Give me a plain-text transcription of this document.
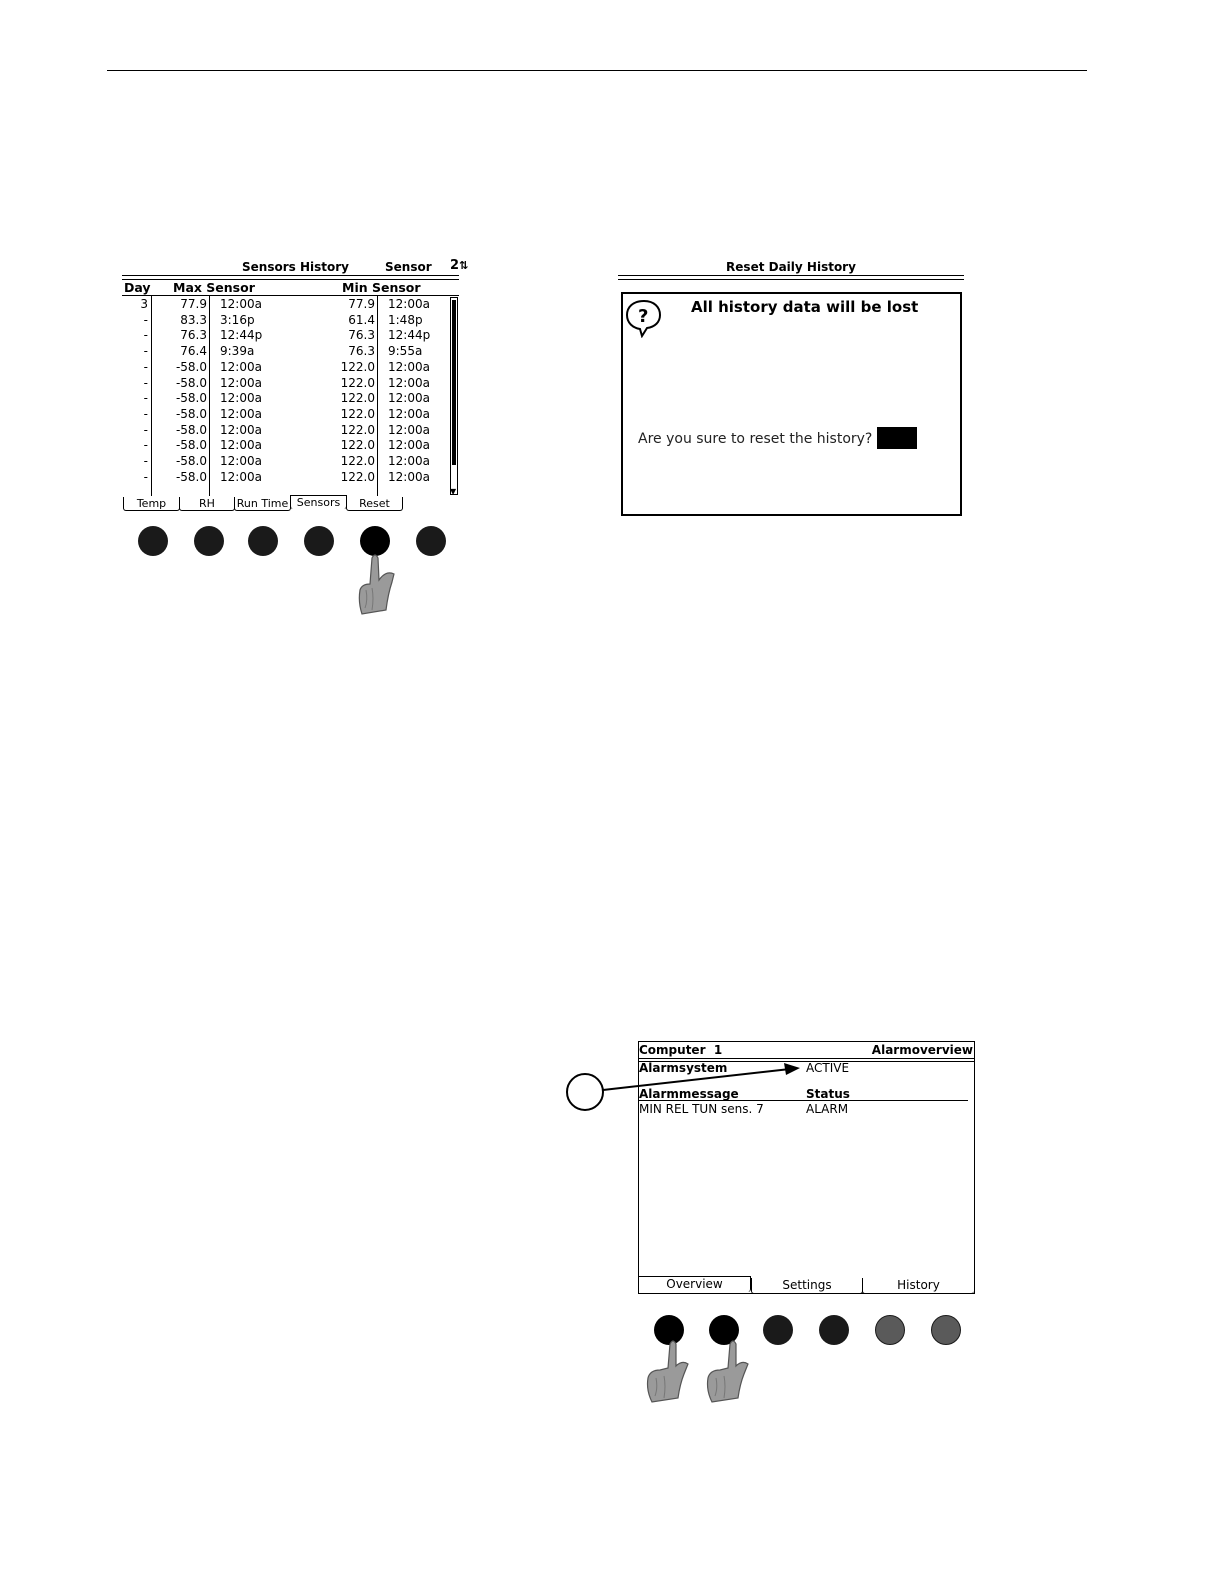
Sensors History	Sensor 2⇅
Day Max Sensor	Min Sensor
3	77.9 12:00a	77.9 12:00a
-	83.3 3:16p	61.4 1:48p
-	76.3 12:44p	76.3 12:44p
-	76.4 9:39a	76.3 9:55a
-	-58.0 12:00a	122.0 12:00a
-	-58.0 12:00a	122.0 12:00a
-	-58.0 12:00a	122.0 12:00a
-	-58.0 12:00a	122.0 12:00a
-	-58.0 12:00a	122.0 12:00a
-	-58.0 12:00a	122.0 12:00a
-	-58.0 12:00a	122.0 12:00a
-	-58.0 12:00a	122.0 12:00a
▼
Temp	RH	Run Time Sensors	Reset
Reset Daily History
?	All history data will be lost
Are you sure to reset the history?
Computer  1	Alarmoverview
Alarmsystem	ACTIVE
Alarmmessage	Status
MIN REL TUN sens. 7	ALARM
Overview	Settings	History
